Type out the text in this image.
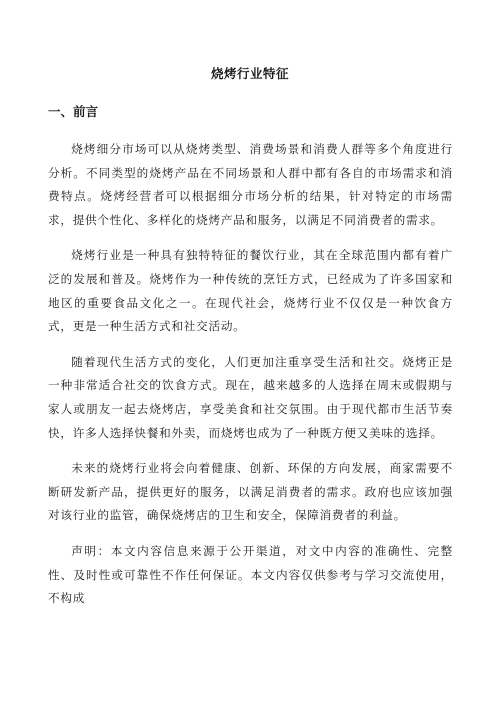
烧烤行业特征
一、前言

烧烤细分市场可以从烧烤类型、消费场景和消费人群等多个角度进行分析。不同类型的烧烤产品在不同场景和人群中都有各自的市场需求和消费特点。烧烤经营者可以根据细分市场分析的结果，针对特定的市场需求，提供个性化、多样化的烧烤产品和服务，以满足不同消费者的需求。

烧烤行业是一种具有独特特征的餐饮行业，其在全球范围内都有着广泛的发展和普及。烧烤作为一种传统的烹饪方式，已经成为了许多国家和地区的重要食品文化之一。在现代社会，烧烤行业不仅仅是一种饮食方式，更是一种生活方式和社交活动。

随着现代生活方式的变化，人们更加注重享受生活和社交。烧烤正是一种非常适合社交的饮食方式。现在，越来越多的人选择在周末或假期与家人或朋友一起去烧烤店，享受美食和社交氛围。由于现代都市生活节奏快，许多人选择快餐和外卖，而烧烤也成为了一种既方便又美味的选择。

未来的烧烤行业将会向着健康、创新、环保的方向发展，商家需要不断研发新产品，提供更好的服务，以满足消费者的需求。政府也应该加强对该行业的监管，确保烧烤店的卫生和安全，保障消费者的利益。

声明：本文内容信息来源于公开渠道，对文中内容的准确性、完整性、及时性或可靠性不作任何保证。本文内容仅供参考与学习交流使用，不构成
